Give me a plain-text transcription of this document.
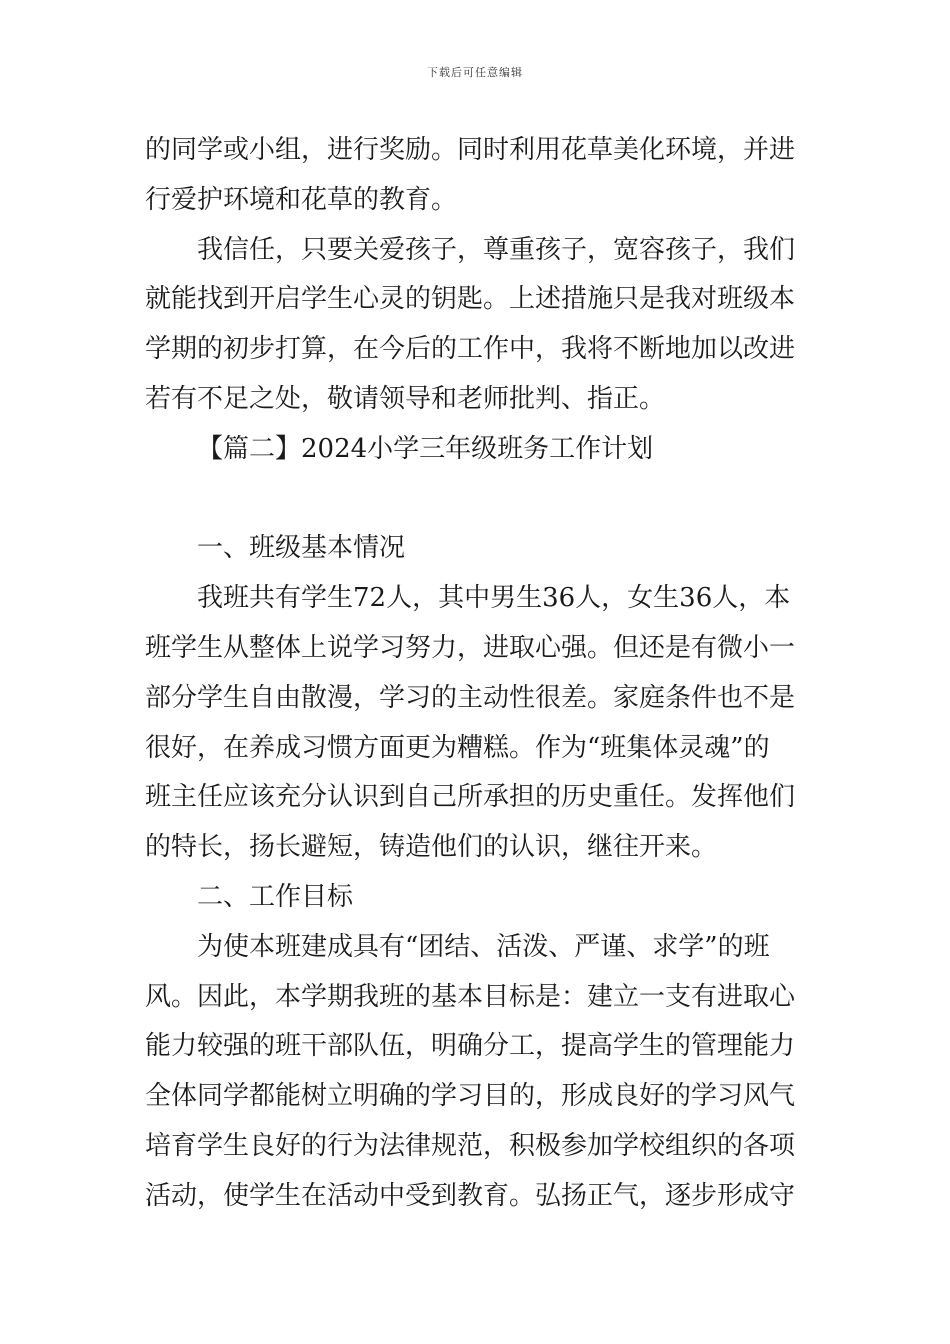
下载后可任意编辑
的同学或小组，进行奖励。同时利用花草美化环境，并进
行爱护环境和花草的教育。
我信任，只要关爱孩子，尊重孩子，宽容孩子，我们
就能找到开启学生心灵的钥匙。上述措施只是我对班级本
学期的初步打算，在今后的工作中，我将不断地加以改进
若有不足之处，敬请领导和老师批判、指正。
【篇二】2024小学三年级班务工作计划
一、班级基本情况
我班共有学生72人，其中男生36人，女生36人，本
班学生从整体上说学习努力，进取心强。但还是有微小一
部分学生自由散漫，学习的主动性很差。家庭条件也不是
很好，在养成习惯方面更为糟糕。作为“班集体灵魂”的
班主任应该充分认识到自己所承担的历史重任。发挥他们
的特长，扬长避短，铸造他们的认识，继往开来。
二、工作目标
为使本班建成具有“团结、活泼、严谨、求学”的班
风。因此，本学期我班的基本目标是：建立一支有进取心
能力较强的班干部队伍，明确分工，提高学生的管理能力
全体同学都能树立明确的学习目的，形成良好的学习风气
培育学生良好的行为法律规范，积极参加学校组织的各项
活动，使学生在活动中受到教育。弘扬正气，逐步形成守
